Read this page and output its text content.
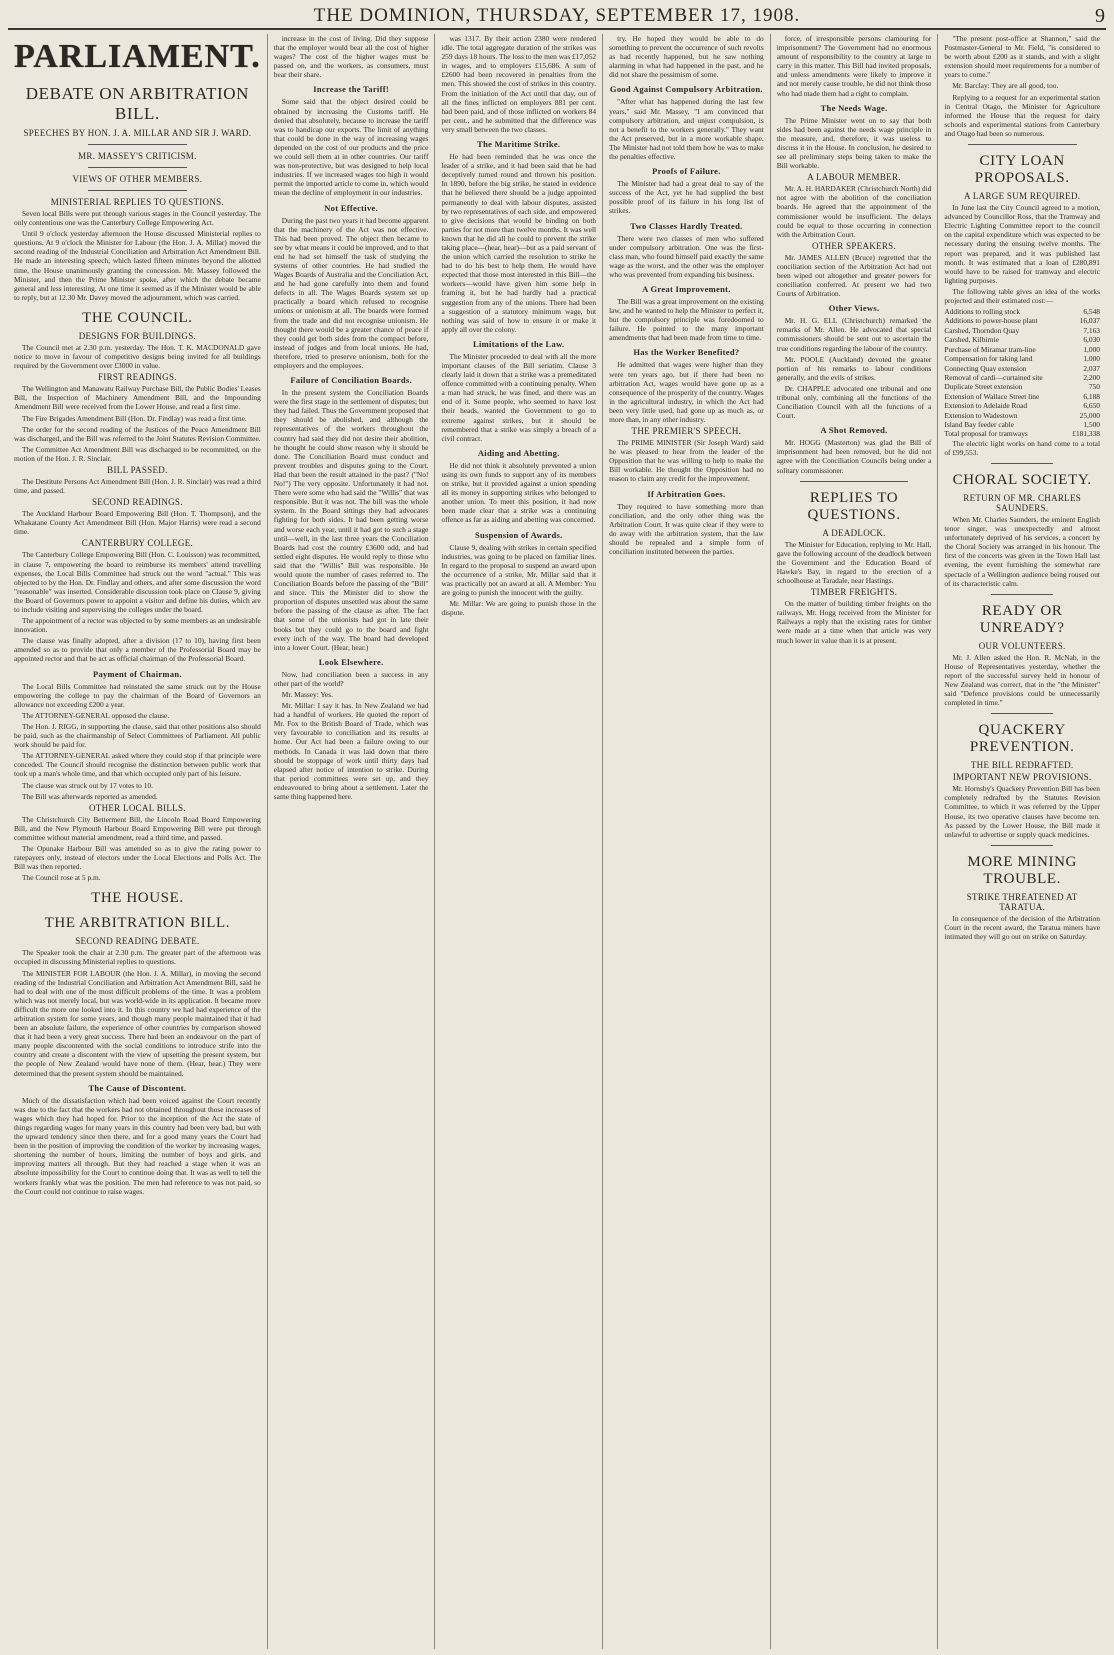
THE DOMINION, THURSDAY, SEPTEMBER 17, 1908.	9
PARLIAMENT.
DEBATE ON ARBITRATION BILL.
SPEECHES BY HON. J. A. MILLAR AND SIR J. WARD.
MR. MASSEY'S CRITICISM.
VIEWS OF OTHER MEMBERS.
MINISTERIAL REPLIES TO QUESTIONS.

Seven local Bills were put through various stages in the Council yesterday. The only contentious one was the Canterbury College Empowering Act.

Until 9 o'clock yesterday afternoon the House discussed Ministerial replies to questions. At 9 o'clock the Minister for Labour (the Hon. J. A. Millar) moved the second reading of the Industrial Conciliation and Arbitration Act Amendment Bill. He made an interesting speech, which lasted fifteen minutes beyond the allotted time, the House unanimously granting the concession. Mr. Massey followed the Minister, and then the Prime Minister spoke, after which the debate became general and less interesting. At one time it seemed as if the Minister would be able to reply, but at 12.30 Mr. Davey moved the adjournment, which was carried.

THE COUNCIL.
DESIGNS FOR BUILDINGS.

The Council met at 2.30 p.m. yesterday. The Hon. T. K. MACDONALD gave notice to move in favour of competitive designs being invited for all buildings required by the Government over £3000 in value.

FIRST READINGS.

The Wellington and Manawatu Railway Purchase Bill, the Public Bodies' Leases Bill, the Inspection of Machinery Amendment Bill, and the Impounding Amendment Bill were received from the Lower House, and read a first time.

The Fire Brigades Amendment Bill (Hon. Dr. Findlay) was read a first time.

The order for the second reading of the Justices of the Peace Amendment Bill was discharged, and the Bill was referred to the Joint Statutes Revision Committee.

The Committee Act Amendment Bill was discharged to be recommitted, on the motion of the Hon. J. R. Sinclair.

BILL PASSED.

The Destitute Persons Act Amendment Bill (Hon. J. R. Sinclair) was read a third time, and passed.

SECOND READINGS.

The Auckland Harbour Board Empowering Bill (Hon. T. Thompson), and the Whakatane County Act Amendment Bill (Hon. Major Harris) were read a second time.

CANTERBURY COLLEGE.

The Canterbury College Empowering Bill (Hon. C. Louisson) was recommitted, in clause 7, empowering the board to reimburse its members' attend travelling expenses, the Local Bills Committee had struck out the word "actual." This was objected to by the Hon. Dr. Findlay and others, and after some discussion the word "reasonable" was inserted. Considerable discussion took place on Clause 9, giving the Board of Governors power to appoint a visitor and define his duties, which are to include visiting and supervising the colleges under the board.

The appointment of a rector was objected to by some members as an undesirable innovation.

The clause was finally adopted, after a division (17 to 10), having first been amended so as to provide that only a member of the Professorial Board may be appointed rector and that he act as official chairman of the Professorial Board.

Payment of Chairman.

The Local Bills Committee had reinstated the same struck out by the House empowering the college to pay the chairman of the Board of Governors an allowance not exceeding £200 a year.

The ATTORNEY-GENERAL opposed the clause.

The Hon. J. RIGG, in supporting the clause, said that other positions also should be paid, such as the chairmanship of Select Committees of Parliament. All public work should be paid for.

The ATTORNEY-GENERAL asked where they could stop if that principle were conceded. The Council should recognise the distinction between public work that took up a man's whole time, and that which occupied only part of his leisure.

The clause was struck out by 17 votes to 10.

The Bill was afterwards reported as amended.

OTHER LOCAL BILLS.

The Christchurch City Betterment Bill, the Lincoln Road Board Empowering Bill, and the New Plymouth Harbour Board Empowering Bill were put through committee without material amendment, read a third time, and passed.

The Opunake Harbour Bill was amended so as to give the rating power to ratepayers only, instead of electors under the Local Elections and Polls Act. The Bill was then reported.

The Council rose at 5 p.m.

THE HOUSE.
THE ARBITRATION BILL.
SECOND READING DEBATE.

The Speaker took the chair at 2.30 p.m. The greater part of the afternoon was occupied in discussing Ministerial replies to questions.

The MINISTER FOR LABOUR (the Hon. J. A. Millar), in moving the second reading of the Industrial Conciliation and Arbitration Act Amendment Bill, said he had to deal with one of the most difficult problems of the time. It was a problem which was not merely local, but was world-wide in its application. It became more difficult the more one looked into it. In this country we had had experience of the arbitration system for some years, and though many people maintained that it had been an absolute failure, the experience of other countries by comparison showed that it had been a very great success. There had been an endeavour on the part of many people discontented with the social conditions to introduce strife into the country and create a discontent with the view of upsetting the present system, but the people of New Zealand would have none of them. (Hear, hear.) They were determined that the present system should be maintained.

The Cause of Discontent.

Much of the dissatisfaction which had been voiced against the Court recently was due to the fact that the workers had not obtained throughout those increases of wages which they had hoped for. Prior to the inception of the Act the state of things regarding wages for many years in this country had been very bad, but with the upward tendency since then there, and for a good many years the Court had been in the position of improving the condition of the worker by increasing wages, shortening the number of hours, limiting the number of boys and girls, and improving matters all through. But they had reached a stage when it was an absolute impossibility for the Court to continue doing that. It was as well to tell the workers frankly what was the position. The men had reference to was not paid, so the Court could not continue to raise wages.

increase in the cost of living. Did they suppose that the employer would bear all the cost of higher wages? The cost of the higher wages must be passed on, and the workers, as consumers, must bear their share.

Increase the Tariff!

Some said that the object desired could be obtained by increasing the Customs tariff. He denied that absolutely, because to increase the tariff was to handicap our exports. The limit of anything that could be done in the way of increasing wages depended on the cost of our products and the price we could sell them at in other countries. Our tariff was non-protective, but was designed to help local industries. If we increased wages too high it would permit the imported article to come in, which would mean the decline of employment in our industries.

Not Effective.

During the past two years it had become apparent that the machinery of the Act was not effective. This had been proved. The object then became to see by what means it could be improved, and to that end he had set himself the task of studying the systems of other countries. He had studied the Wages Boards of Australia and the Conciliation Act, and he had gone carefully into them and found defects in all. The Wages Boards system set up practically a board which refused to recognise unions or unionism at all. The boards were formed from the trade and did not recognise unionism. He thought there would be a greater chance of peace if they could get both sides from the compact before, instead of judges and from local unions. He had, therefore, tried to preserve unionism, both for the employers and the employees.

Failure of Conciliation Boards.

In the present system the Conciliation Boards were the first stage in the settlement of disputes; but they had failed. Thus the Government proposed that they should be abolished, and although the representatives of the workers throughout the country had said they did not desire their abolition, he thought he could show reason why it should be done. The Conciliation Board must conduct and prevent troubles and disputes going to the Court. Had that been the result attained in the past? ("No! No!") The very opposite. Unfortunately it had not. There were some who had said the "Willis" that was responsible. But it was not. The bill was the whole system. In the Board sittings they had advocates fighting for both sides. It had been getting worse and worse each year, until it had got to such a stage until—well, in the last three years the Conciliation Boards had cost the country £3600 odd, and had settled eight disputes. He would reply to those who said that the "Willis" Bill was responsible. He would quote the number of cases referred to. The Conciliation Boards before the passing of the "Bill" and since. This the Minister did to show the proportion of disputes unsettled was about the same before the passing of the clause as after. The fact that some of the unionists had got in late their books but they could go to the board and fight every inch of the way. The board had developed into a lower Court. (Hear, hear.)

Look Elsewhere.

Now, had conciliation been a success in any other part of the world?

Mr. Massey: Yes.

Mr. Millar: I say it has. In New Zealand we had had a handful of workers. He quoted the report of Mr. Fox to the British Board of Trade, which was very favourable to conciliation and its results at home. Our Act had been a failure owing to our methods. In Canada it was laid down that there should be stoppage of work until thirty days had elapsed after notice of intention to strike. During that period committees were set up, and they endeavoured to bring about a settlement. Later the same thing happened here.

was 1317. By their action 2380 were rendered idle. The total aggregate duration of the strikes was 259 days 18 hours. The loss to the men was £17,052 in wages, and to employers £15,686. A sum of £2600 had been recovered in penalties from the men. This showed the cost of strikes in this country. From the initiation of the Act until that day, out of all the fines inflicted on employers 881 per cent. had been paid, and of those inflicted on workers 84 per cent., and he submitted that the difference was very small between the two classes.

The Maritime Strike.

He had been reminded that he was once the leader of a strike, and it had been said that he had deceptively turned round and thrown his position. In 1890, before the big strike, he stated in evidence that he believed there should be a judge appointed permanently to deal with labour disputes, assisted by two representatives of each side, and empowered to give decisions that would be binding on both parties for not more than twelve months. It was well known that he did all he could to prevent the strike taking place—(hear, hear)—but as a paid servant of the union which carried the resolution to strike he had to do his best to help them. He would have expected that those most interested in this Bill—the workers—would have given him some help in framing it, but he had hardly had a practical suggestion from any of the unions. There had been a suggestion of a statutory minimum wage, but nothing was said of how to ensure it or make it apply all over the colony.

Limitations of the Law.

The Minister proceeded to deal with all the more important clauses of the Bill seriatim. Clause 3 clearly laid it down that a strike was a premeditated offence committed with a continuing penalty. When a man had struck, he was fined, and there was an end of it. Some people, who seemed to have lost their heads, wanted the Government to go to extreme against strikes, but it should be remembered that a strike was simply a breach of a civil contract.

Aiding and Abetting.

He did not think it absolutely prevented a union using its own funds to support any of its members on strike, but it provided against a union spending all its money in supporting strikes who belonged to another union. To meet this position, it had now been made clear that a strike was a continuing offence as far as aiding and abetting was concerned.

Suspension of Awards.

Clause 9, dealing with strikes in certain specified industries, was going to be placed on familiar lines. In regard to the proposal to suspend an award upon the occurrence of a strike, Mr. Millar said that it was practically not an award at all. A Member: You are going to punish the innocent with the guilty.

Mr. Millar: We are going to punish those in the dispute.

try. He hoped they would be able to do something to prevent the occurrence of such revolts as had recently happened, but he saw nothing alarming in what had happened in the past, and he did not share the pessimism of some.

Good Against Compulsory Arbitration.

"After what has happened during the last few years," said Mr. Massey, "I am convinced that compulsory arbitration, and unjust compulsion, is not a benefit to the workers generally." They want the Act preserved, but in a more workable shape. The Minister had not told them how he was to make the penalties effective.

Proofs of Failure.

The Minister had had a great deal to say of the success of the Act, yet he had supplied the best possible proof of its failure in his long list of strikes.

Two Classes Hardly Treated.

There were two classes of men who suffered under compulsory arbitration. One was the first-class man, who found himself paid exactly the same wage as the worst, and the other was the employer who was prevented from expanding his business.

A Great Improvement.

The Bill was a great improvement on the existing law, and he wanted to help the Minister to perfect it, but the compulsory principle was foredoomed to failure. He pointed to the many important amendments that had been made from time to time.

Has the Worker Benefited?

He admitted that wages were higher than they were ten years ago, but if there had been no arbitration Act, wages would have gone up as a consequence of the prosperity of the country. Wages in the agricultural industry, in which the Act had been very little used, had gone up as much as, or more than, in any other industry.

THE PREMIER'S SPEECH.

The PRIME MINISTER (Sir Joseph Ward) said he was pleased to hear from the leader of the Opposition that he was willing to help to make the Bill workable. He thought the Opposition had no reason to claim any credit for the improvement.

If Arbitration Goes.

They required to have something more than conciliation, and the only other thing was the Arbitration Court. It was quite clear if they were to do away with the arbitration system, that the law should be repealed and a simple form of conciliation instituted between the parties.

force, of irresponsible persons clamouring for imprisonment? The Government had no enormous amount of responsibility to the country at large to carry in this matter. This Bill had invited proposals, and unless amendments were likely to improve it and not merely cause trouble, he did not think those who had made them had a right to complain.

The Needs Wage.

The Prime Minister went on to say that both sides had been against the needs wage principle in the measure, and, therefore, it was useless to discuss it in the House. In conclusion, he desired to see all preliminary steps being taken to make the Bill workable.

A LABOUR MEMBER.

Mr. A. H. HARDAKER (Christchurch North) did not agree with the abolition of the conciliation boards. He agreed that the appointment of the commissioner would be insufficient. The delays could be equal to those occurring in connection with the Arbitration Court.

OTHER SPEAKERS.

Mr. JAMES ALLEN (Bruce) regretted that the conciliation section of the Arbitration Act had not been wiped out altogether and greater powers for conciliation conferred. At present we had two Courts of Arbitration.

Other Views.

Mr. H. G. ELL (Christchurch) remarked the remarks of Mr. Allen. He advocated that special commissioners should be sent out to ascertain the true conditions regarding the labour of the country.

Mr. POOLE (Auckland) devoted the greater portion of his remarks to labour conditions generally, and the evils of strikes.

Dr. CHAPPLE advocated one tribunal and one tribunal only, combining all the functions of the Conciliation Council with all the functions of a Court.

A Shot Removed.

Mr. HOGG (Masterton) was glad the Bill of imprisonment had been removed, but he did not agree with the Conciliation Councils being under a solitary commissioner.

REPLIES TO QUESTIONS.
A DEADLOCK.

The Minister for Education, replying to Mr. Hall, gave the following account of the deadlock between the Government and the Education Board of Hawke's Bay, in regard to the erection of a schoolhouse at Taradale, near Hastings.

TIMBER FREIGHTS.

On the matter of building timber freights on the railways, Mr. Hogg received from the Minister for Railways a reply that the existing rates for timber were made at a time when that article was very much lower in value than it is at present.

"The present post-office at Shannon," said the Postmaster-General to Mr. Field, "is considered to be worth about £200 as it stands, and with a slight extension should meet requirements for a number of years to come."

Mr. Barclay: They are all good, too.

Replying to a request for an experimental station in Central Otago, the Minister for Agriculture informed the House that the request for dairy schools and experimental stations from Canterbury and Otago had been so numerous.

CITY LOAN PROPOSALS.
A LARGE SUM REQUIRED.

In June last the City Council agreed to a motion, advanced by Councillor Ross, that the Tramway and Electric Lighting Committee report to the council on the capital expenditure which was expected to be necessary during the ensuing twelve months. The report was prepared, and it was published last month. It was estimated that a loan of £280,891 would have to be raised for tramway and electric lighting purposes.

The following table gives an idea of the works projected and their estimated cost:—

Additions to rolling stock	6,548
Additions to power-house plant	16,037
Carshed, Thorndon Quay	7,163
Carshed, Kilbirnie	6,030
Purchase of Miramar tram-line	1,000
Compensation for taking land	1,000
Connecting Quay extension	2,037
Removal of cardi—curtained site	2,200
Duplicate Street extension	750
Extension of Wallace Street line	6,188
Extension to Adelaide Road	6,650
Extension to Wadestown	25,000
Island Bay feeder cable	1,500
Total proposal for tramways	£181,338

The electric light works on hand come to a total of £99,553.

CHORAL SOCIETY.
RETURN OF MR. CHARLES SAUNDERS.

When Mr. Charles Saunders, the eminent English tenor singer, was unexpectedly and almost unfortunately deprived of his services, a concert by the Choral Society was arranged in his honour. The first of the concerts was given in the Town Hall last evening, the event furnishing the somewhat rare spectacle of a Wellington audience being roused out of its characteristic calm.

READY OR UNREADY?
OUR VOLUNTEERS.

Mr. J. Allen asked the Hon. R. McNab, in the House of Representatives yesterday, whether the report of the successful survey held in honour of New Zealand was correct, that in the "the Minister" said "Defence provisions could be unnecessarily completed in time."

QUACKERY PREVENTION.
THE BILL REDRAFTED.
IMPORTANT NEW PROVISIONS.

Mr. Hornsby's Quackery Prevention Bill has been completely redrafted by the Statutes Revision Committee, to which it was referred by the Upper House, its two operative clauses have become ten. As passed by the Lower House, the Bill made it unlawful to advertise or supply quack medicines.

MORE MINING TROUBLE.
STRIKE THREATENED AT TARATUA.

In consequence of the decision of the Arbitration Court in the recent award, the Taratua miners have intimated they will go out on strike on Saturday.
